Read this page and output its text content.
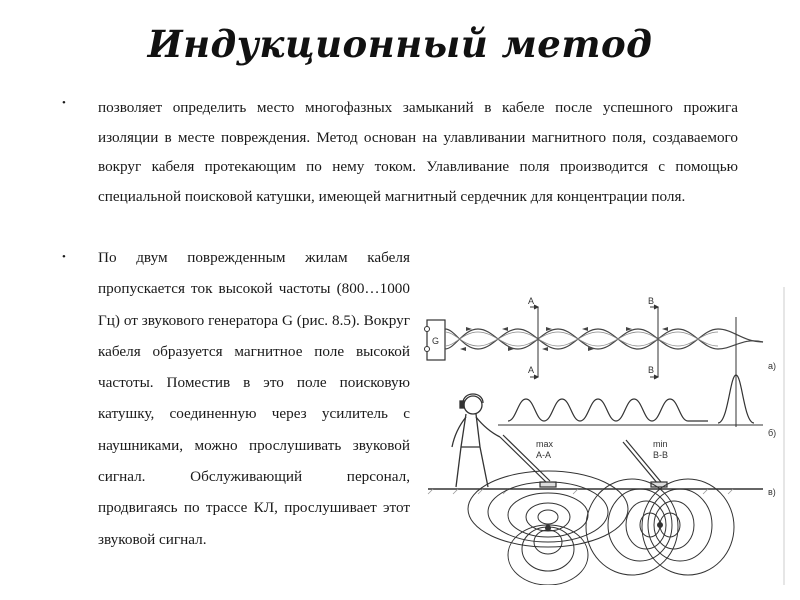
Индукционный метод
• позволяет определить место многофазных замыканий в кабеле после успешного прожига изоляции в месте повреждения. Метод основан на улавливании магнитного поля, создаваемого вокруг кабеля протекающим по нему током. Улавливание поля производится с помощью специальной поисковой катушки, имеющей магнитный сердечник для концентрации поля.

• По двум поврежденным жилам кабеля пропускается ток высокой частоты (800…1000 Гц) от звукового генератора G (рис. 8.5). Вокруг кабеля образуется магнитное поле высокой частоты. Поместив в это поле поисковую катушку, соединенную через усилитель с наушниками, можно прослушивать звуковой сигнал. Обслуживающий персонал, продвигаясь по трассе КЛ, прослушивает этот звуковой сигнал.

G
A
A
B
B	а)
б)
max
A-A
min
B-B
в)
